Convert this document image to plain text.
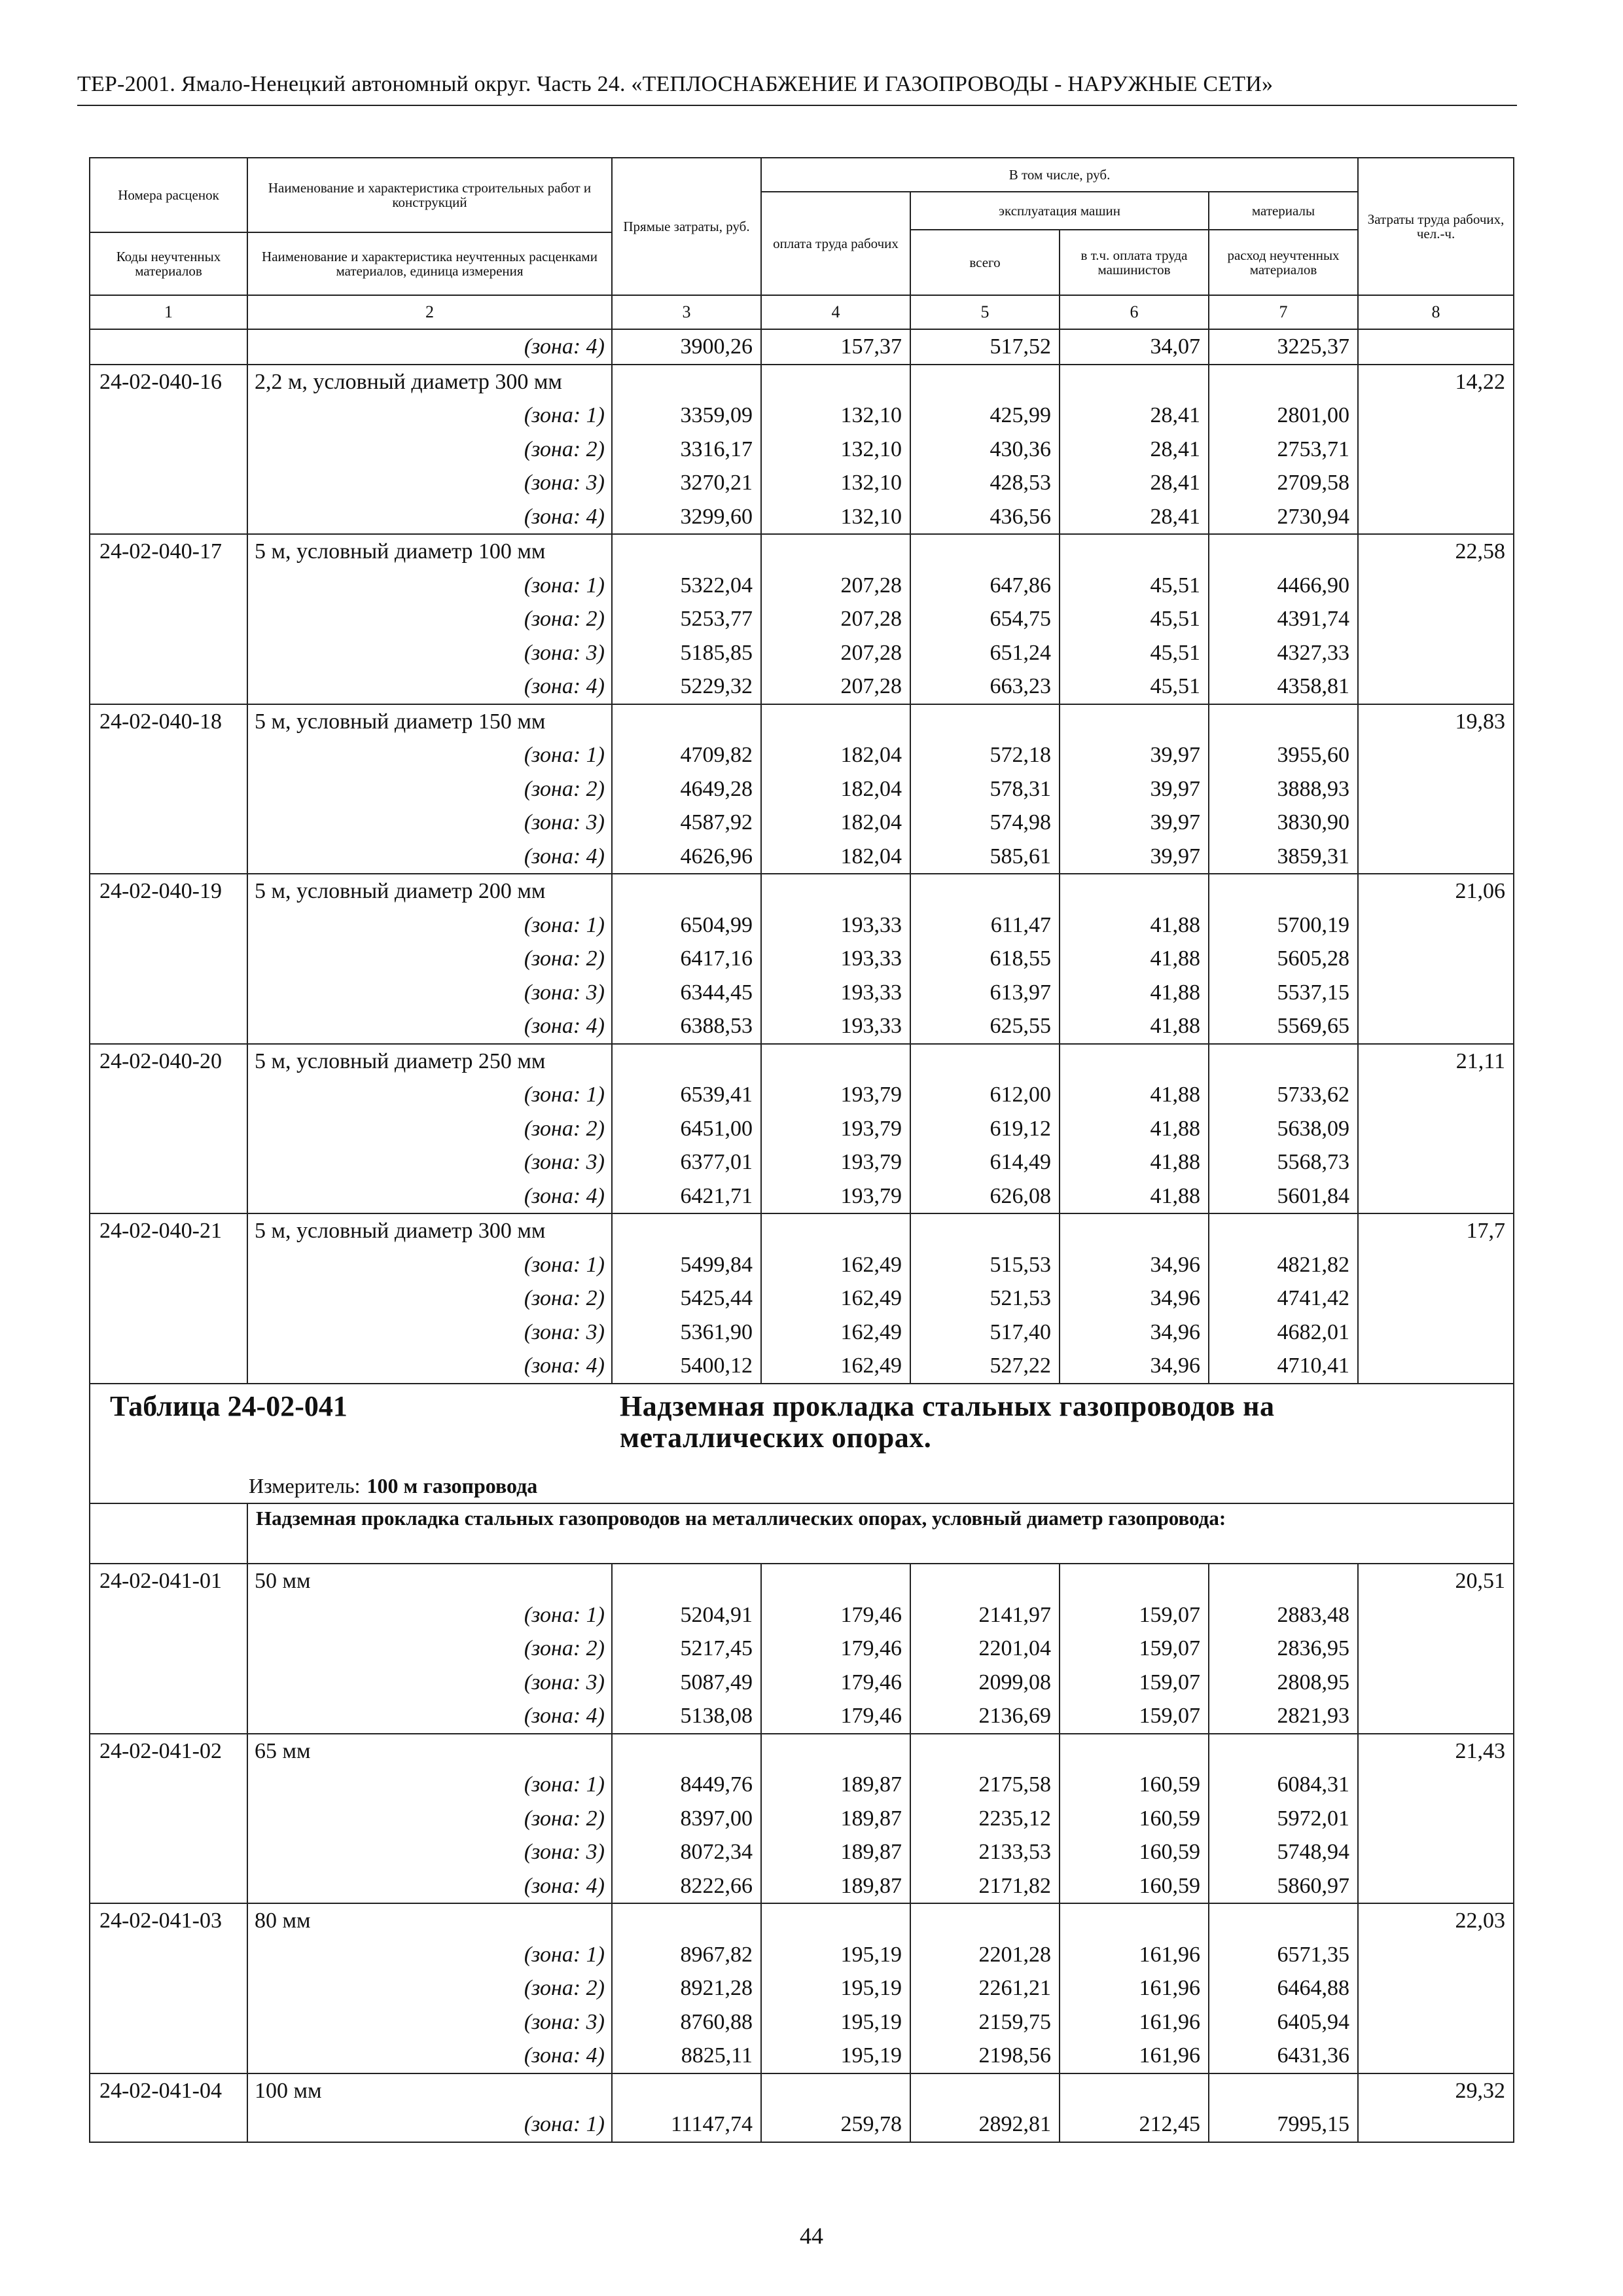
ТЕР-2001. Ямало-Ненецкий автономный округ. Часть 24. «ТЕПЛОСНАБЖЕНИЕ И ГАЗОПРОВОДЫ - НАРУЖНЫЕ СЕТИ»
Номера расценок	Наименование и характеристика строительных работ и конструкций	Прямые затраты, руб.	В том числе, руб.				Затраты труда рабочих, чел.-ч.
			оплата труда рабочих	эксплуатация машин		материалы	
				всего	в т.ч. оплата труда машинистов	расход неучтенных материалов	
Коды неучтенных материалов	Наименование и характеристика неучтенных расценками материалов, единица измерения						
1	2	3	4	5	6	7	8
	(зона: 4)	3900,26	157,37	517,52	34,07	3225,37	
24-02-040-16	2,2 м, условный диаметр 300 мм						14,22
	(зона: 1)	3359,09	132,10	425,99	28,41	2801,00	
	(зона: 2)	3316,17	132,10	430,36	28,41	2753,71	
	(зона: 3)	3270,21	132,10	428,53	28,41	2709,58	
	(зона: 4)	3299,60	132,10	436,56	28,41	2730,94	
24-02-040-17	5 м, условный диаметр 100 мм						22,58
	(зона: 1)	5322,04	207,28	647,86	45,51	4466,90	
	(зона: 2)	5253,77	207,28	654,75	45,51	4391,74	
	(зона: 3)	5185,85	207,28	651,24	45,51	4327,33	
	(зона: 4)	5229,32	207,28	663,23	45,51	4358,81	
24-02-040-18	5 м, условный диаметр 150 мм						19,83
	(зона: 1)	4709,82	182,04	572,18	39,97	3955,60	
	(зона: 2)	4649,28	182,04	578,31	39,97	3888,93	
	(зона: 3)	4587,92	182,04	574,98	39,97	3830,90	
	(зона: 4)	4626,96	182,04	585,61	39,97	3859,31	
24-02-040-19	5 м, условный диаметр 200 мм						21,06
	(зона: 1)	6504,99	193,33	611,47	41,88	5700,19	
	(зона: 2)	6417,16	193,33	618,55	41,88	5605,28	
	(зона: 3)	6344,45	193,33	613,97	41,88	5537,15	
	(зона: 4)	6388,53	193,33	625,55	41,88	5569,65	
24-02-040-20	5 м, условный диаметр 250 мм						21,11
	(зона: 1)	6539,41	193,79	612,00	41,88	5733,62	
	(зона: 2)	6451,00	193,79	619,12	41,88	5638,09	
	(зона: 3)	6377,01	193,79	614,49	41,88	5568,73	
	(зона: 4)	6421,71	193,79	626,08	41,88	5601,84	
24-02-040-21	5 м, условный диаметр 300 мм						17,7
	(зона: 1)	5499,84	162,49	515,53	34,96	4821,82	
	(зона: 2)	5425,44	162,49	521,53	34,96	4741,42	
	(зона: 3)	5361,90	162,49	517,40	34,96	4682,01	
	(зона: 4)	5400,12	162,49	527,22	34,96	4710,41	
Таблица 24-02-041		Надземная прокладка стальных газопроводов на металлических опорах.					
	Измеритель: 100 м газопровода						
	Надземная прокладка стальных газопроводов на металлических опорах, условный диаметр газопровода:						
24-02-041-01	50 мм						20,51
	(зона: 1)	5204,91	179,46	2141,97	159,07	2883,48	
	(зона: 2)	5217,45	179,46	2201,04	159,07	2836,95	
	(зона: 3)	5087,49	179,46	2099,08	159,07	2808,95	
	(зона: 4)	5138,08	179,46	2136,69	159,07	2821,93	
24-02-041-02	65 мм						21,43
	(зона: 1)	8449,76	189,87	2175,58	160,59	6084,31	
	(зона: 2)	8397,00	189,87	2235,12	160,59	5972,01	
	(зона: 3)	8072,34	189,87	2133,53	160,59	5748,94	
	(зона: 4)	8222,66	189,87	2171,82	160,59	5860,97	
24-02-041-03	80 мм						22,03
	(зона: 1)	8967,82	195,19	2201,28	161,96	6571,35	
	(зона: 2)	8921,28	195,19	2261,21	161,96	6464,88	
	(зона: 3)	8760,88	195,19	2159,75	161,96	6405,94	
	(зона: 4)	8825,11	195,19	2198,56	161,96	6431,36	
24-02-041-04	100 мм						29,32
	(зона: 1)	11147,74	259,78	2892,81	212,45	7995,15	
44
